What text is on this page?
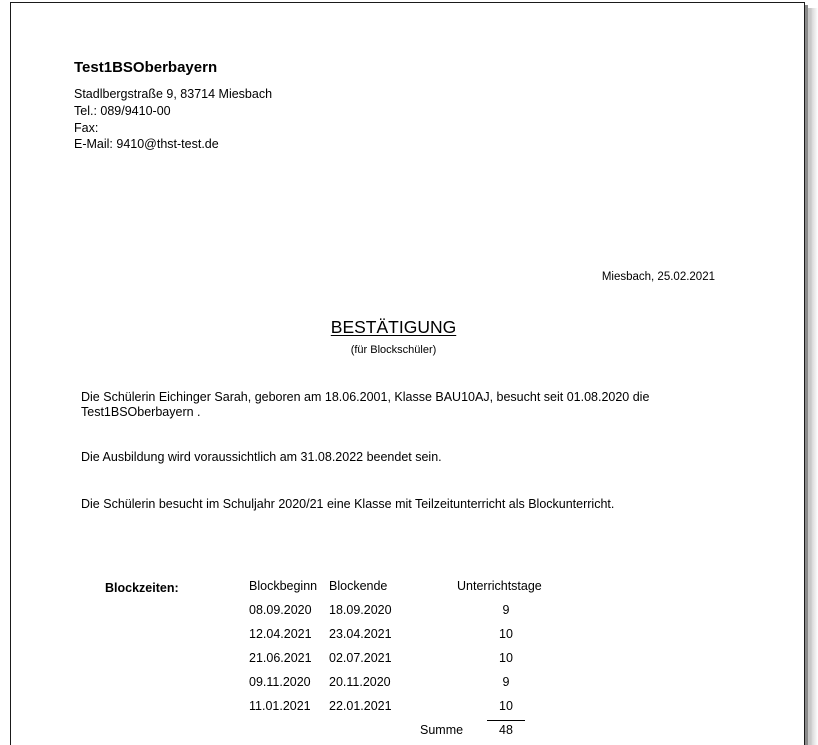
Test1BSOberbayern
Stadlbergstraße 9, 83714 Miesbach
Tel.: 089/9410-00
Fax:
E-Mail: 9410@thst-test.de
Miesbach, 25.02.2021
BESTÄTIGUNG
(für Blockschüler)
Die Schülerin Eichinger Sarah, geboren am 18.06.2001, Klasse BAU10AJ, besucht seit 01.08.2020 die Test1BSOberbayern .
Die Ausbildung wird voraussichtlich am 31.08.2022 beendet sein.
Die Schülerin besucht im Schuljahr 2020/21 eine Klasse mit Teilzeitunterricht als Blockunterricht.
Blockzeiten:	Blockbeginn Blockende	Unterrichtstage
08.09.2020 18.09.2020	9
12.04.2021 23.04.2021	10
21.06.2021 02.07.2021	10
09.11.2020 20.11.2020	9
11.01.2021 22.01.2021	10
Summe	48
